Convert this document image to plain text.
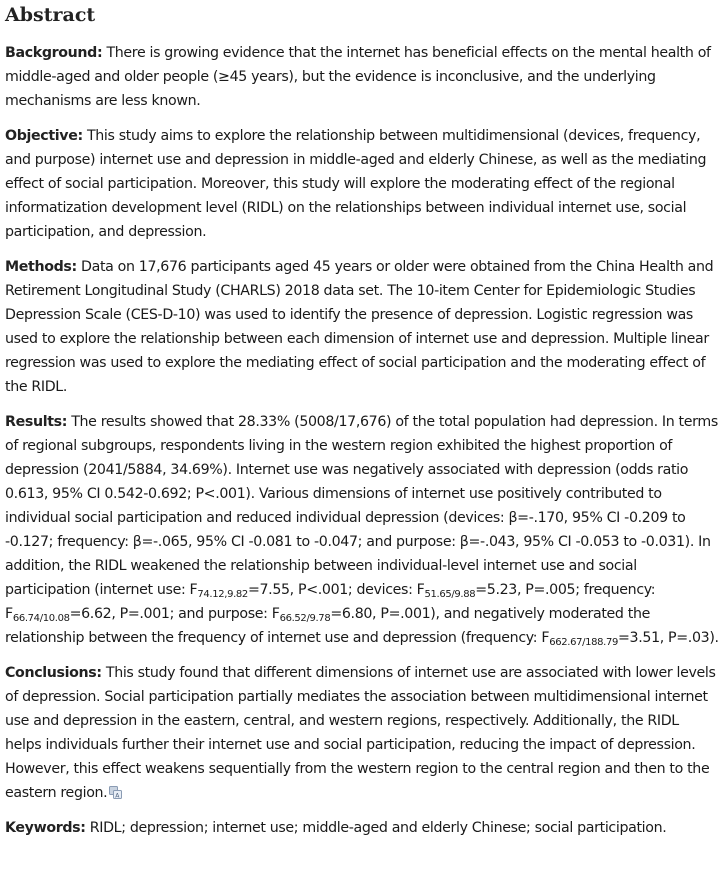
Abstract

Background: There is growing evidence that the internet has beneficial effects on the mental health of middle-aged and older people (≥45 years), but the evidence is inconclusive, and the underlying mechanisms are less known.

Objective: This study aims to explore the relationship between multidimensional (devices, frequency, and purpose) internet use and depression in middle-aged and elderly Chinese, as well as the mediating effect of social participation. Moreover, this study will explore the moderating effect of the regional informatization development level (RIDL) on the relationships between individual internet use, social participation, and depression.

Methods: Data on 17,676 participants aged 45 years or older were obtained from the China Health and Retirement Longitudinal Study (CHARLS) 2018 data set. The 10-item Center for Epidemiologic Studies Depression Scale (CES-D-10) was used to identify the presence of depression. Logistic regression was used to explore the relationship between each dimension of internet use and depression. Multiple linear regression was used to explore the mediating effect of social participation and the moderating effect of the RIDL.

Results: The results showed that 28.33% (5008/17,676) of the total population had depression. In terms of regional subgroups, respondents living in the western region exhibited the highest proportion of depression (2041/5884, 34.69%). Internet use was negatively associated with depression (odds ratio 0.613, 95% CI 0.542-0.692; P<.001). Various dimensions of internet use positively contributed to individual social participation and reduced individual depression (devices: β=-.170, 95% CI -0.209 to -0.127; frequency: β=-.065, 95% CI -0.081 to -0.047; and purpose: β=-.043, 95% CI -0.053 to -0.031). In addition, the RIDL weakened the relationship between individual-level internet use and social participation (internet use: $F_{74.12,9.82}=7.55$, P<.001; devices: $F_{51.65/9.88}=5.23$, P=.005; frequency: $F_{66.74/10.08}=6.62$, P=.001; and purpose: $F_{66.52/9.78}=6.80$, P=.001), and negatively moderated the relationship between the frequency of internet use and depression (frequency: $F_{662.67/188.79}=3.51$, P=.03).

Conclusions: This study found that different dimensions of internet use are associated with lower levels of depression. Social participation partially mediates the association between multidimensional internet use and depression in the eastern, central, and western regions, respectively. Additionally, the RIDL helps individuals further their internet use and social participation, reducing the impact of depression. However, this effect weakens sequentially from the western region to the central region and then to the eastern region. A

Keywords: RIDL; depression; internet use; middle-aged and elderly Chinese; social participation.
